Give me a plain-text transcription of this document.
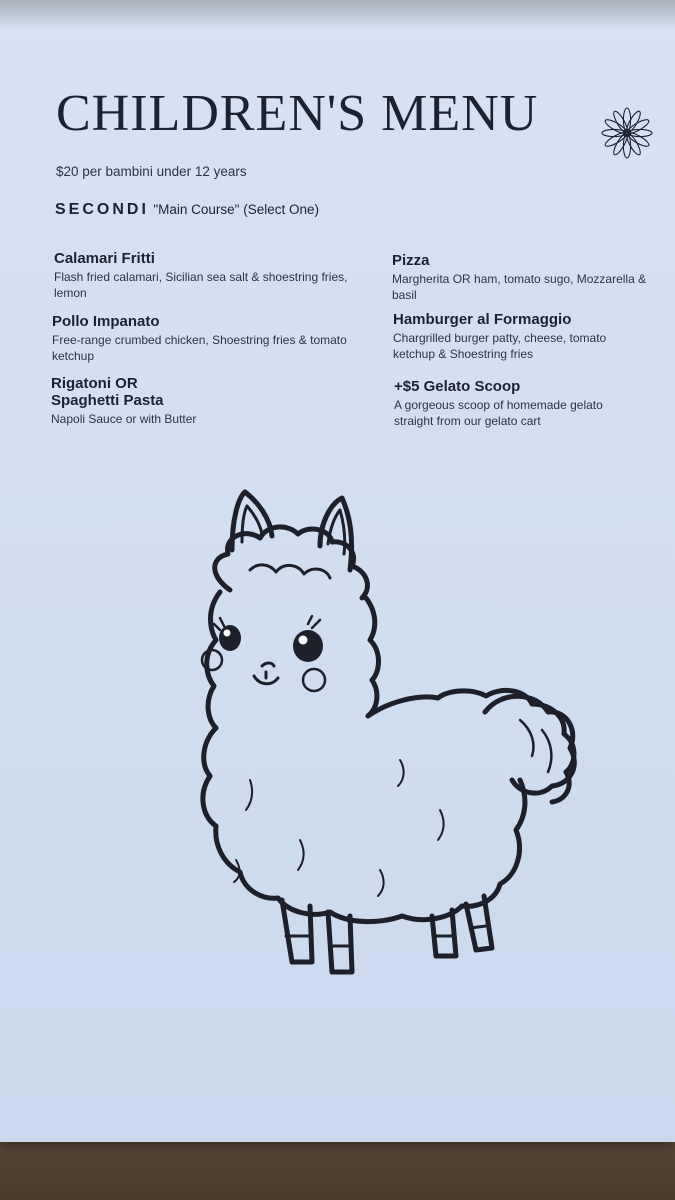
CHILDREN'S MENU
$20 per bambini under 12 years
SECONDI "Main Course" (Select One)
Calamari Fritti
Flash fried calamari, Sicilian sea salt & shoestring fries, lemon
Pollo Impanato
Free-range crumbed chicken, Shoestring fries & tomato ketchup
Rigatoni OR Spaghetti Pasta
Napoli Sauce or with Butter
Pizza
Margherita OR ham, tomato sugo, Mozzarella & basil
Hamburger al Formaggio
Chargrilled burger patty, cheese, tomato ketchup & Shoestring fries
+$5 Gelato Scoop
A gorgeous scoop of homemade gelato straight from our gelato cart
